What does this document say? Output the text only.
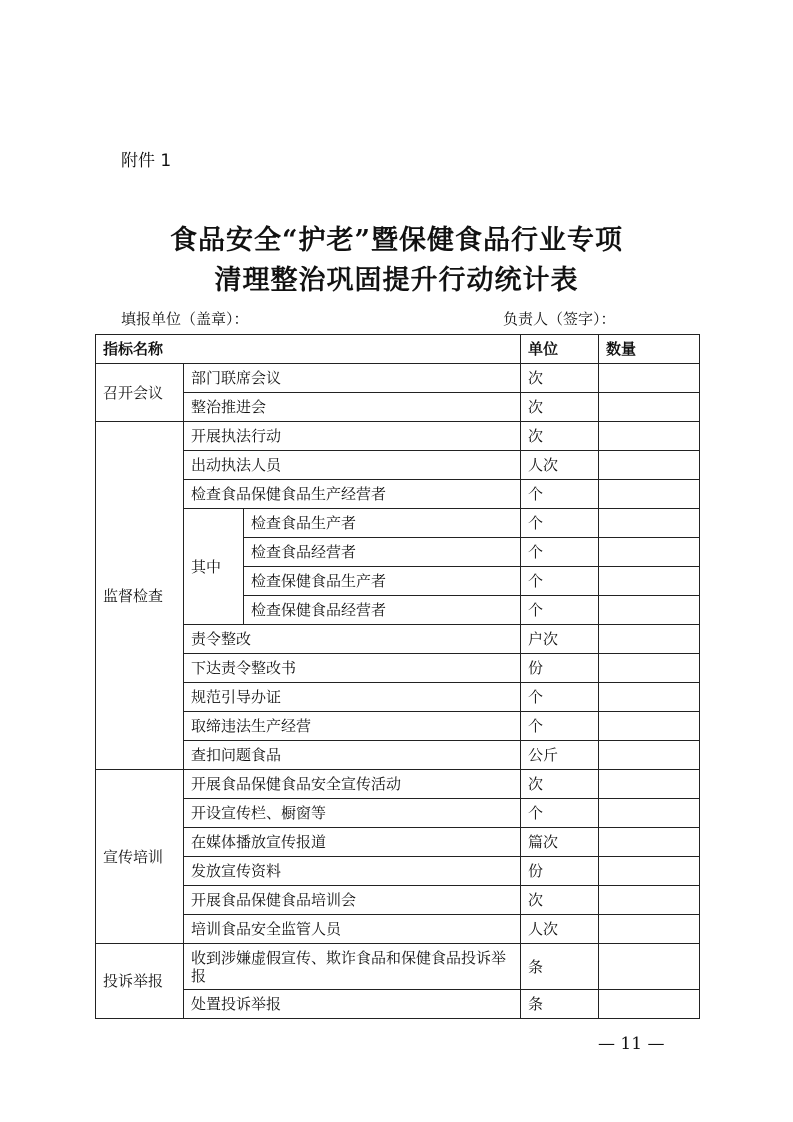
附件 1
食品安全“护老”暨保健食品行业专项
清理整治巩固提升行动统计表
填报单位（盖章）：	负责人（签字）：
指标名称			单位	数量
召开会议	部门联席会议		次	
	整治推进会		次	
监督检查	开展执法行动		次	
	出动执法人员		人次	
	检查食品保健食品生产经营者		个	
	其中	检查食品生产者	个	
		检查食品经营者	个	
		检查保健食品生产者	个	
		检查保健食品经营者	个	
	责令整改		户次	
	下达责令整改书		份	
	规范引导办证		个	
	取缔违法生产经营		个	
	查扣问题食品		公斤	
宣传培训	开展食品保健食品安全宣传活动		次	
	开设宣传栏、橱窗等		个	
	在媒体播放宣传报道		篇次	
	发放宣传资料		份	
	开展食品保健食品培训会		次	
	培训食品安全监管人员		人次	
投诉举报	收到涉嫌虚假宣传、欺诈食品和保健食品投诉举报		条	
	处置投诉举报		条	
— 11 —
